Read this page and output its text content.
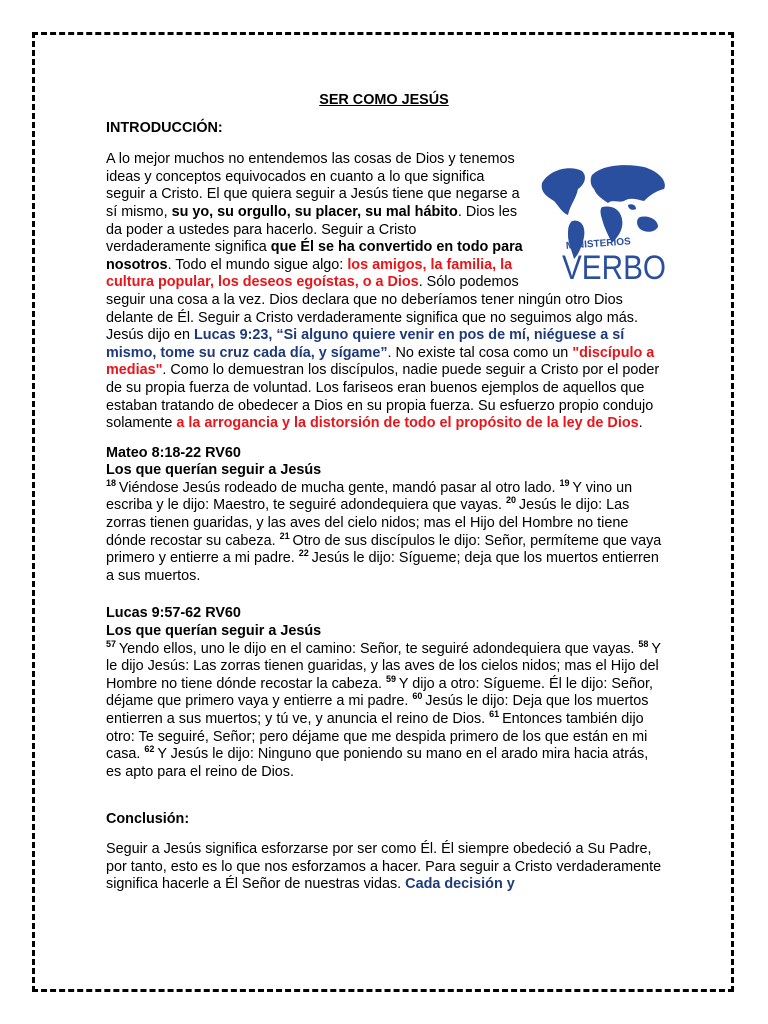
SER COMO JESÚS

INTRODUCCIÓN:

MINISTERIOS
VERBO

A lo mejor muchos no entendemos las cosas de Dios y tenemos ideas y conceptos equivocados en cuanto a lo que significa seguir a Cristo. El que quiera seguir a Jesús tiene que negarse a sí mismo, su yo, su orgullo, su placer, su mal hábito. Dios les da poder a ustedes para hacerlo. Seguir a Cristo verdaderamente significa que Él se ha convertido en todo para nosotros. Todo el mundo sigue algo: los amigos, la familia, la cultura popular, los deseos egoístas, o a Dios. Sólo podemos seguir una cosa a la vez. Dios declara que no deberíamos tener ningún otro Dios delante de Él. Seguir a Cristo verdaderamente significa que no seguimos algo más. Jesús dijo en Lucas 9:23, “Si alguno quiere venir en pos de mí, niéguese a sí mismo, tome su cruz cada día, y sígame”. No existe tal cosa como un "discípulo a medias". Como lo demuestran los discípulos, nadie puede seguir a Cristo por el poder de su propia fuerza de voluntad. Los fariseos eran buenos ejemplos de aquellos que estaban tratando de obedecer a Dios en su propia fuerza. Su esfuerzo propio condujo solamente a la arrogancia y la distorsión de todo el propósito de la ley de Dios.

Mateo 8:18-22 RV60

Los que querían seguir a Jesús

$^{18}$  Viéndose Jesús rodeado de mucha gente, mandó pasar al otro lado. $^{19}$  Y vino un escriba y le dijo: Maestro, te seguiré adondequiera que vayas. $^{20}$  Jesús le dijo: Las zorras tienen guaridas, y las aves del cielo nidos; mas el Hijo del Hombre no tiene dónde recostar su cabeza. $^{21}$  Otro de sus discípulos le dijo: Señor, permíteme que vaya primero y entierre a mi padre. $^{22}$  Jesús le dijo: Sígueme; deja que los muertos entierren a sus muertos.

Lucas 9:57-62 RV60

Los que querían seguir a Jesús

$^{57}$  Yendo ellos, uno le dijo en el camino: Señor, te seguiré adondequiera que vayas. $^{58}$  Y le dijo Jesús: Las zorras tienen guaridas, y las aves de los cielos nidos; mas el Hijo del Hombre no tiene dónde recostar la cabeza. $^{59}$  Y dijo a otro: Sígueme. Él le dijo: Señor, déjame que primero vaya y entierre a mi padre. $^{60}$  Jesús le dijo: Deja que los muertos entierren a sus muertos; y tú ve, y anuncia el reino de Dios. $^{61}$  Entonces también dijo otro: Te seguiré, Señor; pero déjame que me despida primero de los que están en mi casa. $^{62}$  Y Jesús le dijo: Ninguno que poniendo su mano en el arado mira hacia atrás, es apto para el reino de Dios.

Conclusión:

Seguir a Jesús significa esforzarse por ser como Él. Él siempre obedeció a Su Padre, por tanto, esto es lo que nos esforzamos a hacer. Para seguir a Cristo verdaderamente significa hacerle a Él Señor de nuestras vidas. Cada decisión y
